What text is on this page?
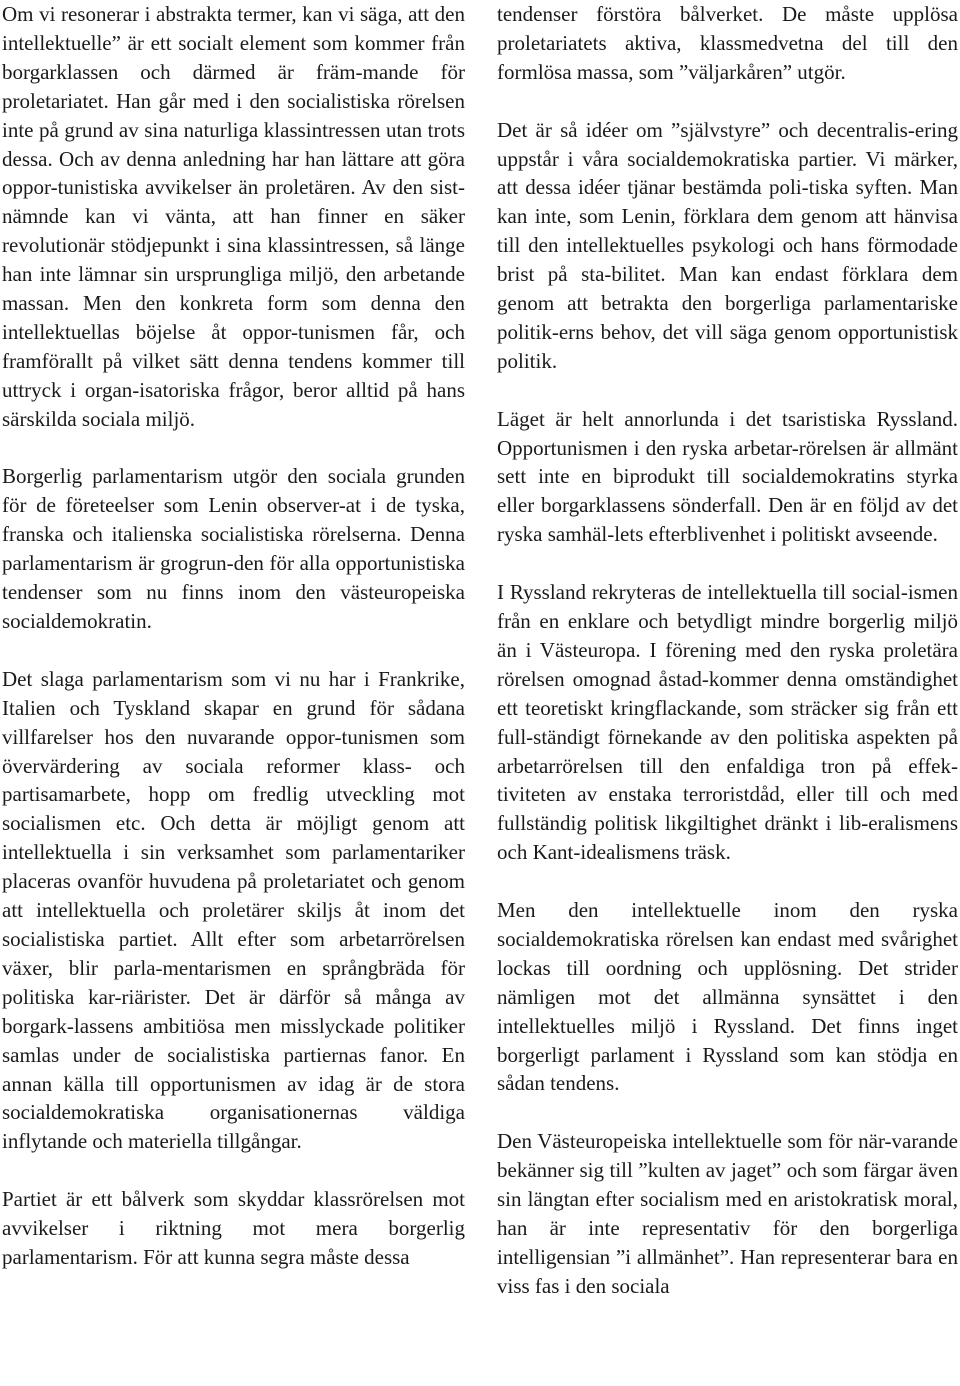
Om vi resonerar i abstrakta termer, kan vi säga, att den intellektuelle” är ett socialt element som kommer från borgarklassen och därmed är främ-mande för proletariatet. Han går med i den socialistiska rörelsen inte på grund av sina naturliga klassintressen utan trots dessa. Och av denna anledning har han lättare att göra oppor-tunistiska avvikelser än proletären. Av den sist-nämnde kan vi vänta, att han finner en säker revolutionär stödjepunkt i sina klassintressen, så länge han inte lämnar sin ursprungliga miljö, den arbetande massan. Men den konkreta form som denna den intellektuellas böjelse åt oppor-tunismen får, och framförallt på vilket sätt denna tendens kommer till uttryck i organ-isatoriska frågor, beror alltid på hans särskilda sociala miljö.

Borgerlig parlamentarism utgör den sociala grunden för de företeelser som Lenin observer-at i de tyska, franska och italienska socialistiska rörelserna. Denna parlamentarism är grogrun-den för alla opportunistiska tendenser som nu finns inom den västeuropeiska socialdemokratin.

Det slaga parlamentarism som vi nu har i Frankrike, Italien och Tyskland skapar en grund för sådana villfarelser hos den nuvarande oppor-tunismen som övervärdering av sociala reformer klass- och partisamarbete, hopp om fredlig utveckling mot socialismen etc. Och detta är möjligt genom att intellektuella i sin verksamhet som parlamentariker placeras ovanför huvudena på proletariatet och genom att intellektuella och proletärer skiljs åt inom det socialistiska partiet. Allt efter som arbetarrörelsen växer, blir parla-mentarismen en språngbräda för politiska kar-riärister. Det är därför så många av borgark-lassens ambitiösa men misslyckade politiker samlas under de socialistiska partiernas fanor. En annan källa till opportunismen av idag är de stora socialdemokratiska organisationernas väldiga inflytande och materiella tillgångar.

Partiet är ett bålverk som skyddar klassrörelsen mot avvikelser i riktning mot mera borgerlig parlamentarism. För att kunna segra måste dessa

tendenser förstöra bålverket. De måste upplösa proletariatets aktiva, klassmedvetna del till den formlösa massa, som ”väljarkåren” utgör.

Det är så idéer om ”självstyre” och decentralis-ering uppstår i våra socialdemokratiska partier. Vi märker, att dessa idéer tjänar bestämda poli-tiska syften. Man kan inte, som Lenin, förklara dem genom att hänvisa till den intellektuelles psykologi och hans förmodade brist på sta-bilitet. Man kan endast förklara dem genom att betrakta den borgerliga parlamentariske politik-erns behov, det vill säga genom opportunistisk politik.

Läget är helt annorlunda i det tsaristiska Ryssland. Opportunismen i den ryska arbetar-rörelsen är allmänt sett inte en biprodukt till socialdemokratins styrka eller borgarklassens sönderfall. Den är en följd av det ryska samhäl-lets efterblivenhet i politiskt avseende.

I Ryssland rekryteras de intellektuella till social-ismen från en enklare och betydligt mindre borgerlig miljö än i Västeuropa. I förening med den ryska proletära rörelsen omognad åstad-kommer denna omständighet ett teoretiskt kringflackande, som sträcker sig från ett full-ständigt förnekande av den politiska aspekten på arbetarrörelsen till den enfaldiga tron på effek-tiviteten av enstaka terroristdåd, eller till och med fullständig politisk likgiltighet dränkt i lib-eralismens och Kant-idealismens träsk.

Men den intellektuelle inom den ryska socialdemokratiska rörelsen kan endast med svårighet lockas till oordning och upplösning. Det strider nämligen mot det allmänna synsättet i den intellektuelles miljö i Ryssland. Det finns inget borgerligt parlament i Ryssland som kan stödja en sådan tendens.

Den Västeuropeiska intellektuelle som för när-varande bekänner sig till ”kulten av jaget” och som färgar även sin längtan efter socialism med en aristokratisk moral, han är inte representativ för den borgerliga intelligensian ”i allmänhet”. Han representerar bara en viss fas i den sociala
